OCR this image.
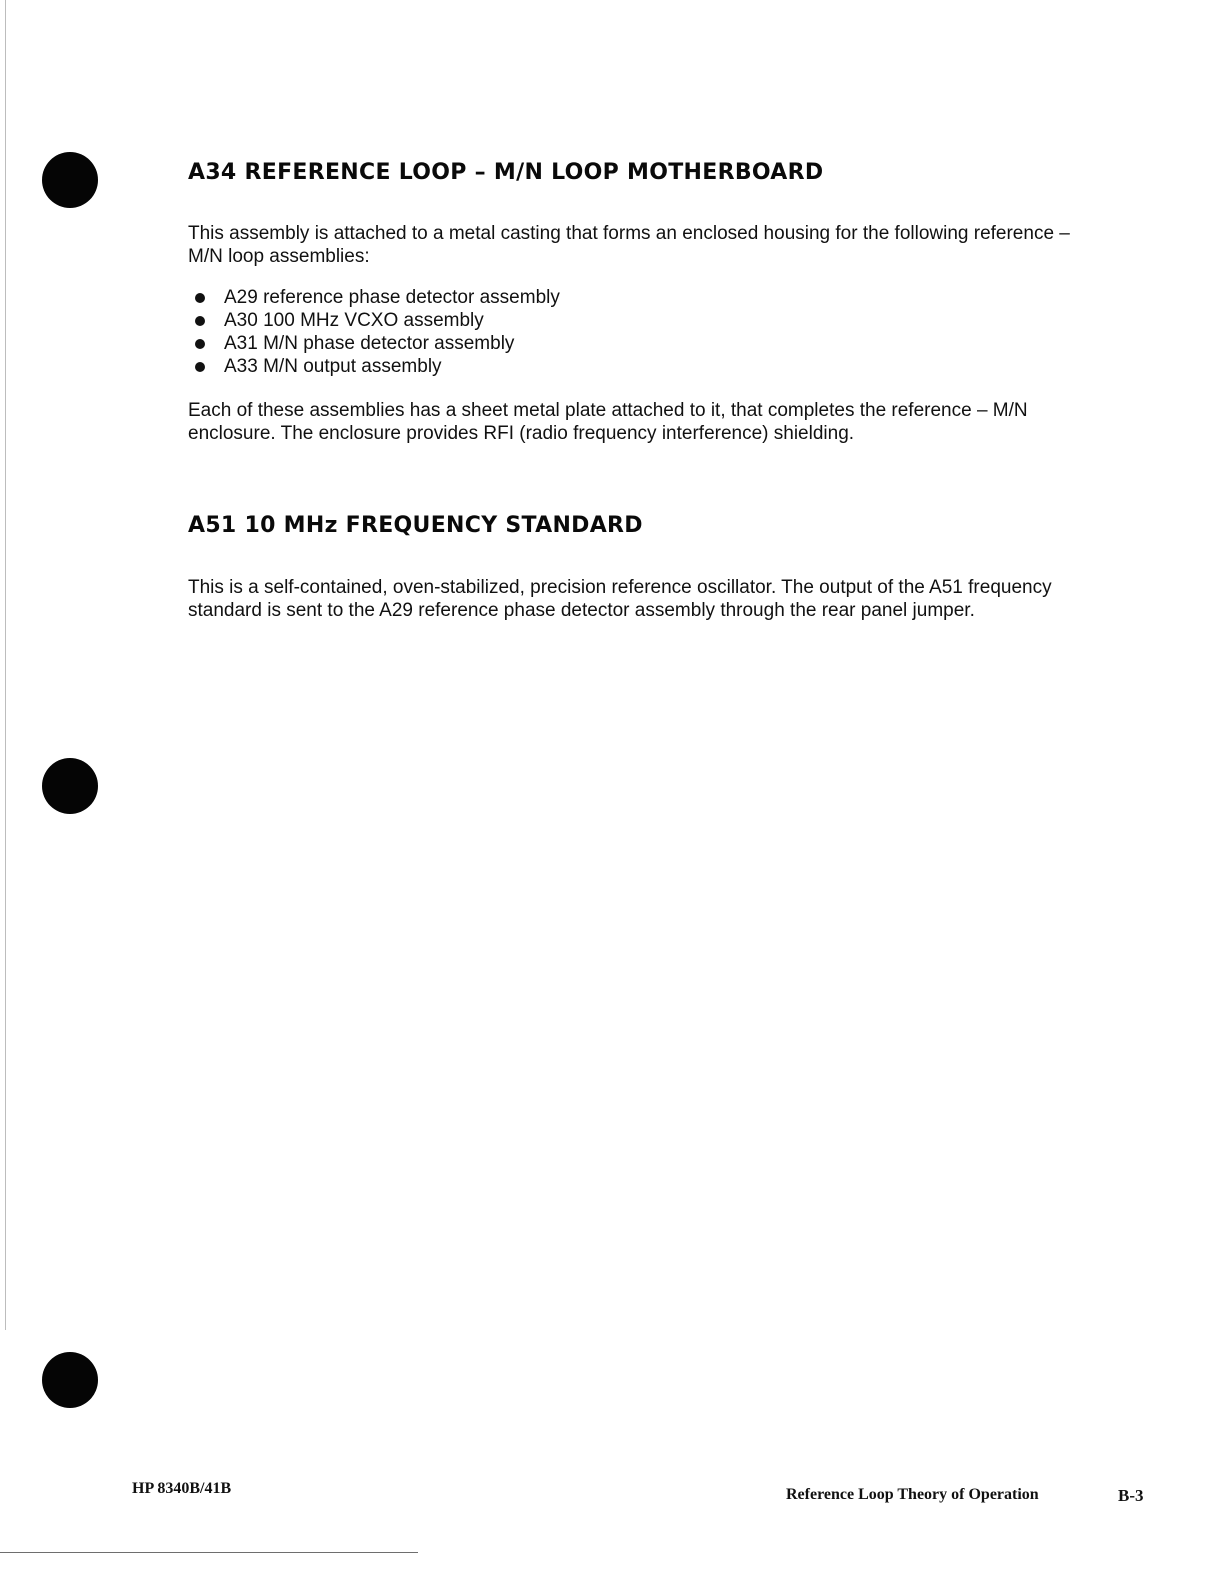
A34 REFERENCE LOOP – M/N LOOP MOTHERBOARD

This assembly is attached to a metal casting that forms an enclosed housing for the following reference – M/N loop assemblies:

A29 reference phase detector assembly
A30 100 MHz VCXO assembly
A31 M/N phase detector assembly
A33 M/N output assembly

Each of these assemblies has a sheet metal plate attached to it, that completes the reference – M/N enclosure. The enclosure provides RFI (radio frequency interference) shielding.

A51 10 MHz FREQUENCY STANDARD

This is a self-contained, oven-stabilized, precision reference oscillator. The output of the A51 frequency standard is sent to the A29 reference phase detector assembly through the rear panel jumper.

HP 8340B/41B	Reference Loop Theory of Operation	B-3
